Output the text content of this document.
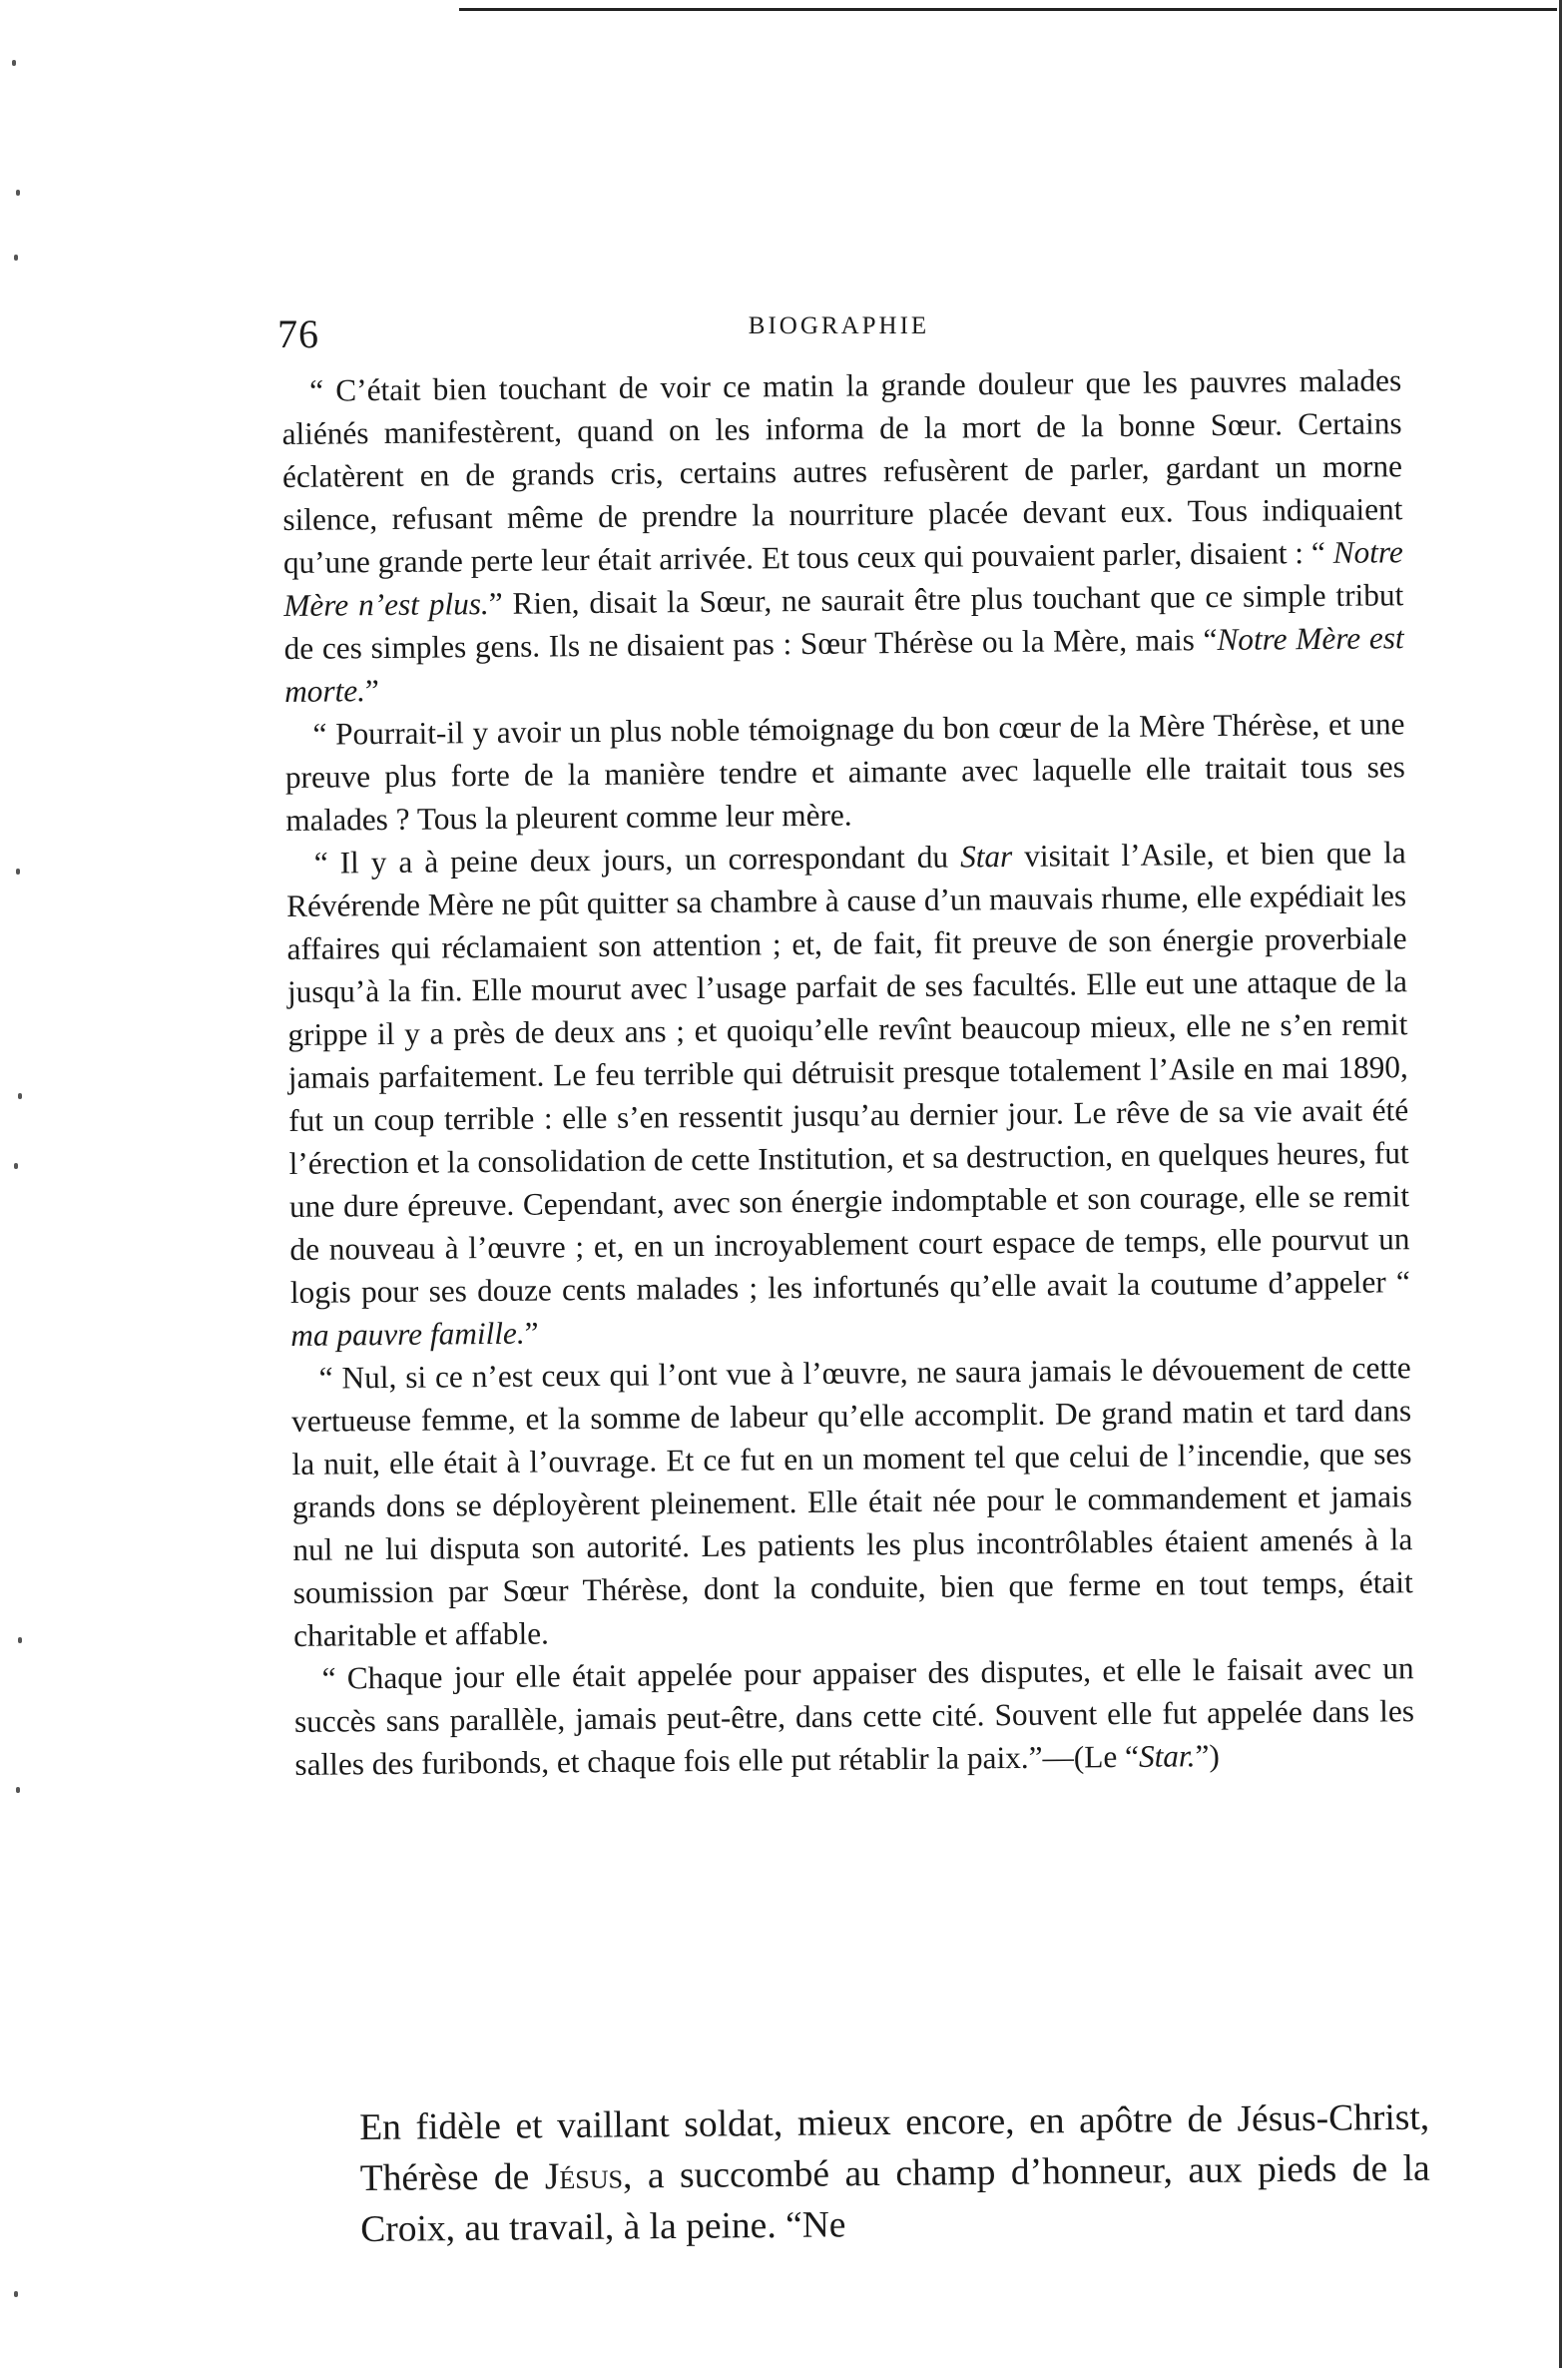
76	BIOGRAPHIE

“ C’était bien touchant de voir ce matin la grande douleur que les pauvres malades aliénés manifestèrent, quand on les informa de la mort de la bonne Sœur. Certains éclatèrent en de grands cris, certains autres refusèrent de parler, gardant un morne silence, refusant même de prendre la nourriture placée devant eux. Tous indiquaient qu’une grande perte leur était arrivée. Et tous ceux qui pouvaient parler, disaient : “ Notre Mère n’est plus.” Rien, disait la Sœur, ne saurait être plus touchant que ce simple tribut de ces simples gens. Ils ne disaient pas : Sœur Thérèse ou la Mère, mais “Notre Mère est morte.”

“ Pourrait-il y avoir un plus noble témoignage du bon cœur de la Mère Thérèse, et une preuve plus forte de la manière tendre et aimante avec laquelle elle traitait tous ses malades ? Tous la pleurent comme leur mère.

“ Il y a à peine deux jours, un correspondant du Star visitait l’Asile, et bien que la Révérende Mère ne pût quitter sa chambre à cause d’un mauvais rhume, elle expédiait les affaires qui réclamaient son attention ; et, de fait, fit preuve de son énergie proverbiale jusqu’à la fin. Elle mourut avec l’usage parfait de ses facultés. Elle eut une attaque de la grippe il y a près de deux ans ; et quoiqu’elle revînt beaucoup mieux, elle ne s’en remit jamais parfaitement. Le feu terrible qui détruisit presque totalement l’Asile en mai 1890, fut un coup terrible : elle s’en ressentit jusqu’au dernier jour. Le rêve de sa vie avait été l’érection et la consolidation de cette Institution, et sa destruction, en quelques heures, fut une dure épreuve. Cependant, avec son énergie indomptable et son courage, elle se remit de nouveau à l’œuvre ; et, en un incroyablement court espace de temps, elle pourvut un logis pour ses douze cents malades ; les infortunés qu’elle avait la coutume d’appeler “ ma pauvre famille.”

“ Nul, si ce n’est ceux qui l’ont vue à l’œuvre, ne saura jamais le dévouement de cette vertueuse femme, et la somme de labeur qu’elle accomplit. De grand matin et tard dans la nuit, elle était à l’ouvrage. Et ce fut en un moment tel que celui de l’incendie, que ses grands dons se déployèrent pleinement. Elle était née pour le commandement et jamais nul ne lui disputa son autorité. Les patients les plus incontrôlables étaient amenés à la soumission par Sœur Thérèse, dont la conduite, bien que ferme en tout temps, était charitable et affable.

“ Chaque jour elle était appelée pour appaiser des disputes, et elle le faisait avec un succès sans parallèle, jamais peut-être, dans cette cité. Souvent elle fut appelée dans les salles des furibonds, et chaque fois elle put rétablir la paix.”—(Le “Star.”)

En fidèle et vaillant soldat, mieux encore, en apôtre de Jésus-Christ, Thérèse de Jésus, a succombé au champ d’honneur, aux pieds de la Croix, au travail, à la peine. “Ne
